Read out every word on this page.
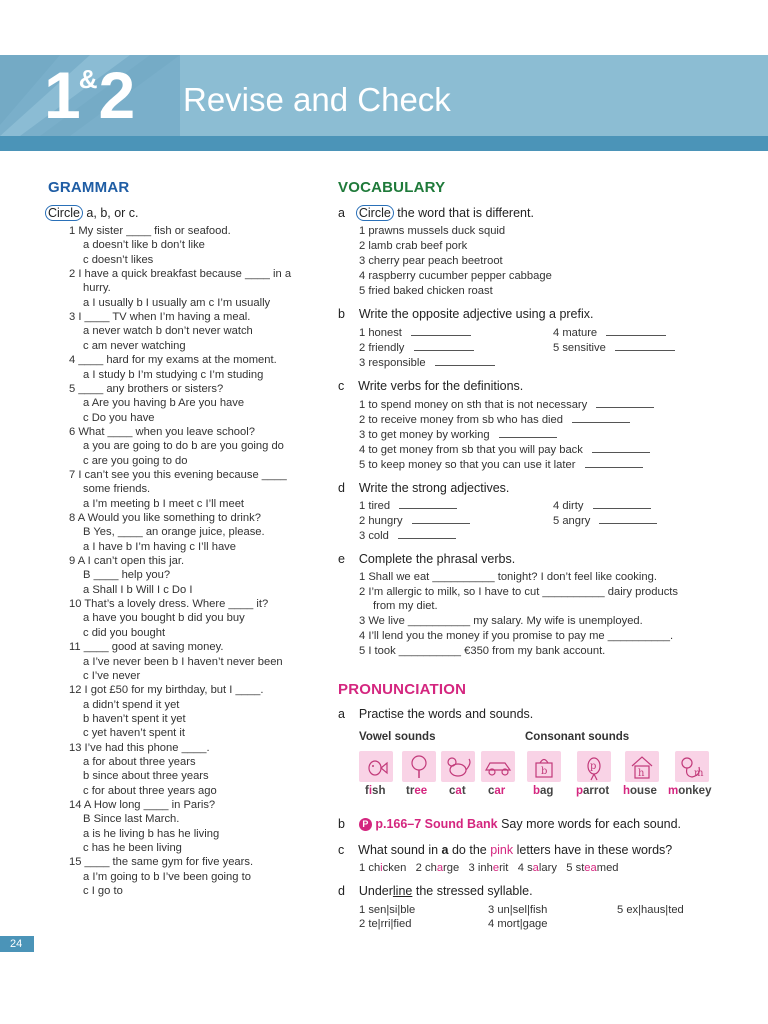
1&2 Revise and Check
GRAMMAR
Circle a, b, or c.
1 My sister ____ fish or seafood.
a doesn’t like b don’t like
c doesn’t likes
2 I have a quick breakfast because ____ in a
hurry.
a I usually b I usually am c I’m usually
3 I ____ TV when I’m having a meal.
a never watch b don’t never watch
c am never watching
4 ____ hard for my exams at the moment.
a I study b I’m studying c I’m studing
5 ____ any brothers or sisters?
a Are you having b Are you have
c Do you have
6 What ____ when you leave school?
a you are going to do b are you going do
c are you going to do
7 I can’t see you this evening because ____
some friends.
a I’m meeting b I meet c I’ll meet
8 A Would you like something to drink?
B Yes, ____ an orange juice, please.
a I have b I’m having c I’ll have
9 A I can’t open this jar.
B ____ help you?
a Shall I b Will I c Do I
10 That’s a lovely dress. Where ____ it?
a have you bought b did you buy
c did you bought
11 ____ good at saving money.
a I’ve never been b I haven’t never been
c I’ve never
12 I got £50 for my birthday, but I ____.
a didn’t spend it yet
b haven’t spent it yet
c yet haven’t spent it
13 I’ve had this phone ____.
a for about three years
b since about three years
c for about three years ago
14 A How long ____ in Paris?
B Since last March.
a is he living b has he living
c has he been living
15 ____ the same gym for five years.
a I’m going to b I’ve been going to
c I go to
VOCABULARY
a Circle the word that is different.
1 prawns mussels duck squid
2 lamb crab beef pork
3 cherry pear peach beetroot
4 raspberry cucumber pepper cabbage
5 fried baked chicken roast
b Write the opposite adjective using a prefix.
1 honest
2 friendly
3 responsible
4 mature
5 sensitive
c Write verbs for the definitions.
1 to spend money on sth that is not necessary
2 to receive money from sb who has died
3 to get money by working
4 to get money from sb that you will pay back
5 to keep money so that you can use it later
d Write the strong adjectives.
1 tired
2 hungry
3 cold
4 dirty
5 angry
e Complete the phrasal verbs.
1 Shall we eat __________ tonight? I don’t feel like cooking.
2 I’m allergic to milk, so I have to cut __________ dairy products
from my diet.
3 We live __________ my salary. My wife is unemployed.
4 I’ll lend you the money if you promise to pay me __________.
5 I took __________ €350 from my bank account.
PRONUNCIATION
a Practise the words and sounds.
Vowel sounds	Consonant sounds
b	p
h	m
fish tree cat car bag parrot house monkey
b P p.166–7 Sound Bank Say more words for each sound.
c What sound in a do the pink letters have in these words?
1 chicken 2 charge 3 inherit 4 salary 5 steamed
d Underline the stressed syllable.
1 sen|si|ble
2 te|rri|fied
3 un|sel|fish
4 mort|gage
5 ex|haus|ted
24
